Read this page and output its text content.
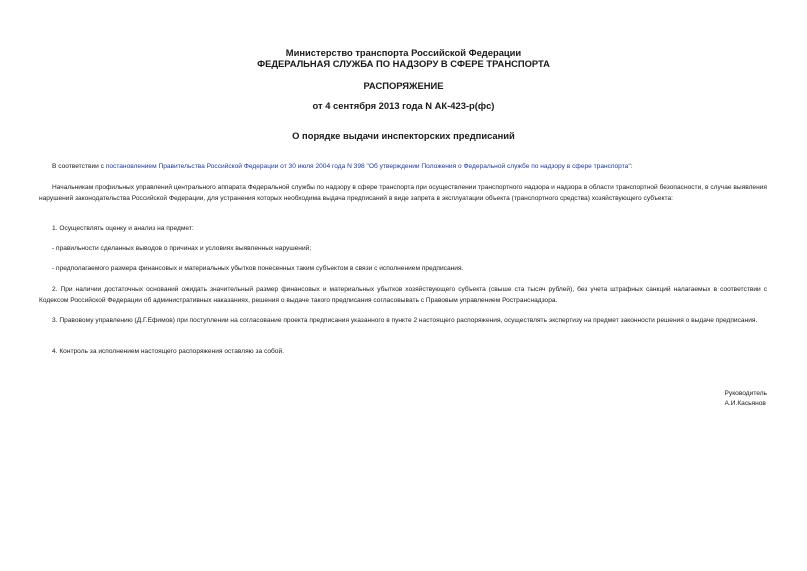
Министерство транспорта Российской Федерации
ФЕДЕРАЛЬНАЯ СЛУЖБА ПО НАДЗОРУ В СФЕРЕ ТРАНСПОРТА
РАСПОРЯЖЕНИЕ
от 4 сентября 2013 года N АК-423-р(фс)
О порядке выдачи инспекторских предписаний

В соответствии с постановлением Правительства Российской Федерации от 30 июля 2004 года N 398 "Об утверждении Положения о Федеральной службе по надзору в сфере транспорта":

Начальникам профильных управлений центрального аппарата Федеральной службы по надзору в сфере транспорта при осуществлении транспортного надзора и надзора в области транспортной безопасности, в случае выявления нарушений законодательства Российской Федерации, для устранения которых необходима выдача предписаний в виде запрета в эксплуатации объекта (транспортного средства) хозяйствующего субъекта:

1. Осуществлять оценку и анализ на предмет:

- правильности сделанных выводов о причинах и условиях выявленных нарушений;

- предполагаемого размера финансовых и материальных убытков понесенных таким субъектом в связи с исполнением предписания.

2. При наличии достаточных оснований ожидать значительный размер финансовых и материальных убытков хозяйствующего субъекта (свыше ста тысяч рублей), без учета штрафных санкций налагаемых в соответствии с Кодексом Российской Федерации об административных наказаниях, решения о выдаче такого предписания согласовывать с Правовым управлением Ространснадзора.

3. Правовому управлению (Д.Г.Ефимов) при поступлении на согласование проекта предписания указанного в пункте 2 настоящего распоряжения, осуществлять экспертизу на предмет законности решения о выдаче предписания.

4. Контроль за исполнением настоящего распоряжения оставляю за собой.

Руководитель
А.И.Касьянов
